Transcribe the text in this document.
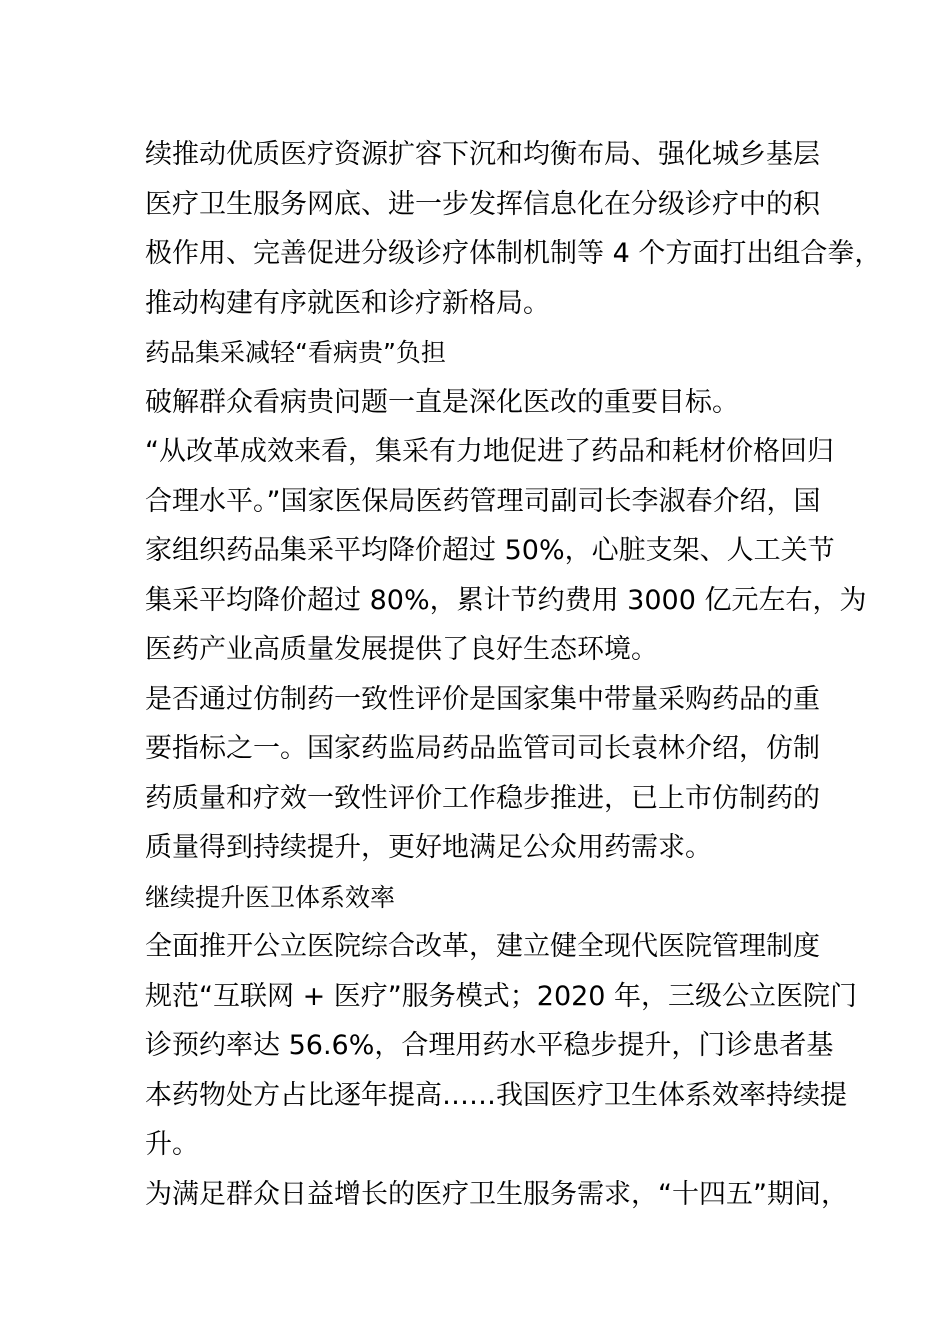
续推动优质医疗资源扩容下沉和均衡布局、强化城乡基层
医疗卫生服务网底、进一步发挥信息化在分级诊疗中的积
极作用、完善促进分级诊疗体制机制等 4 个方面打出组合拳，
推动构建有序就医和诊疗新格局。
药品集采减轻“看病贵”负担
破解群众看病贵问题一直是深化医改的重要目标。
“从改革成效来看，集采有力地促进了药品和耗材价格回归
合理水平。”国家医保局医药管理司副司长李淑春介绍，国
家组织药品集采平均降价超过 50%，心脏支架、人工关节
集采平均降价超过 80%，累计节约费用 3000 亿元左右，为
医药产业高质量发展提供了良好生态环境。
是否通过仿制药一致性评价是国家集中带量采购药品的重
要指标之一。国家药监局药品监管司司长袁林介绍，仿制
药质量和疗效一致性评价工作稳步推进，已上市仿制药的
质量得到持续提升，更好地满足公众用药需求。
继续提升医卫体系效率
全面推开公立医院综合改革，建立健全现代医院管理制度
规范“互联网 + 医疗”服务模式；2020 年，三级公立医院门
诊预约率达 56.6%，合理用药水平稳步提升，门诊患者基
本药物处方占比逐年提高……我国医疗卫生体系效率持续提
升。
为满足群众日益增长的医疗卫生服务需求，“十四五”期间，
